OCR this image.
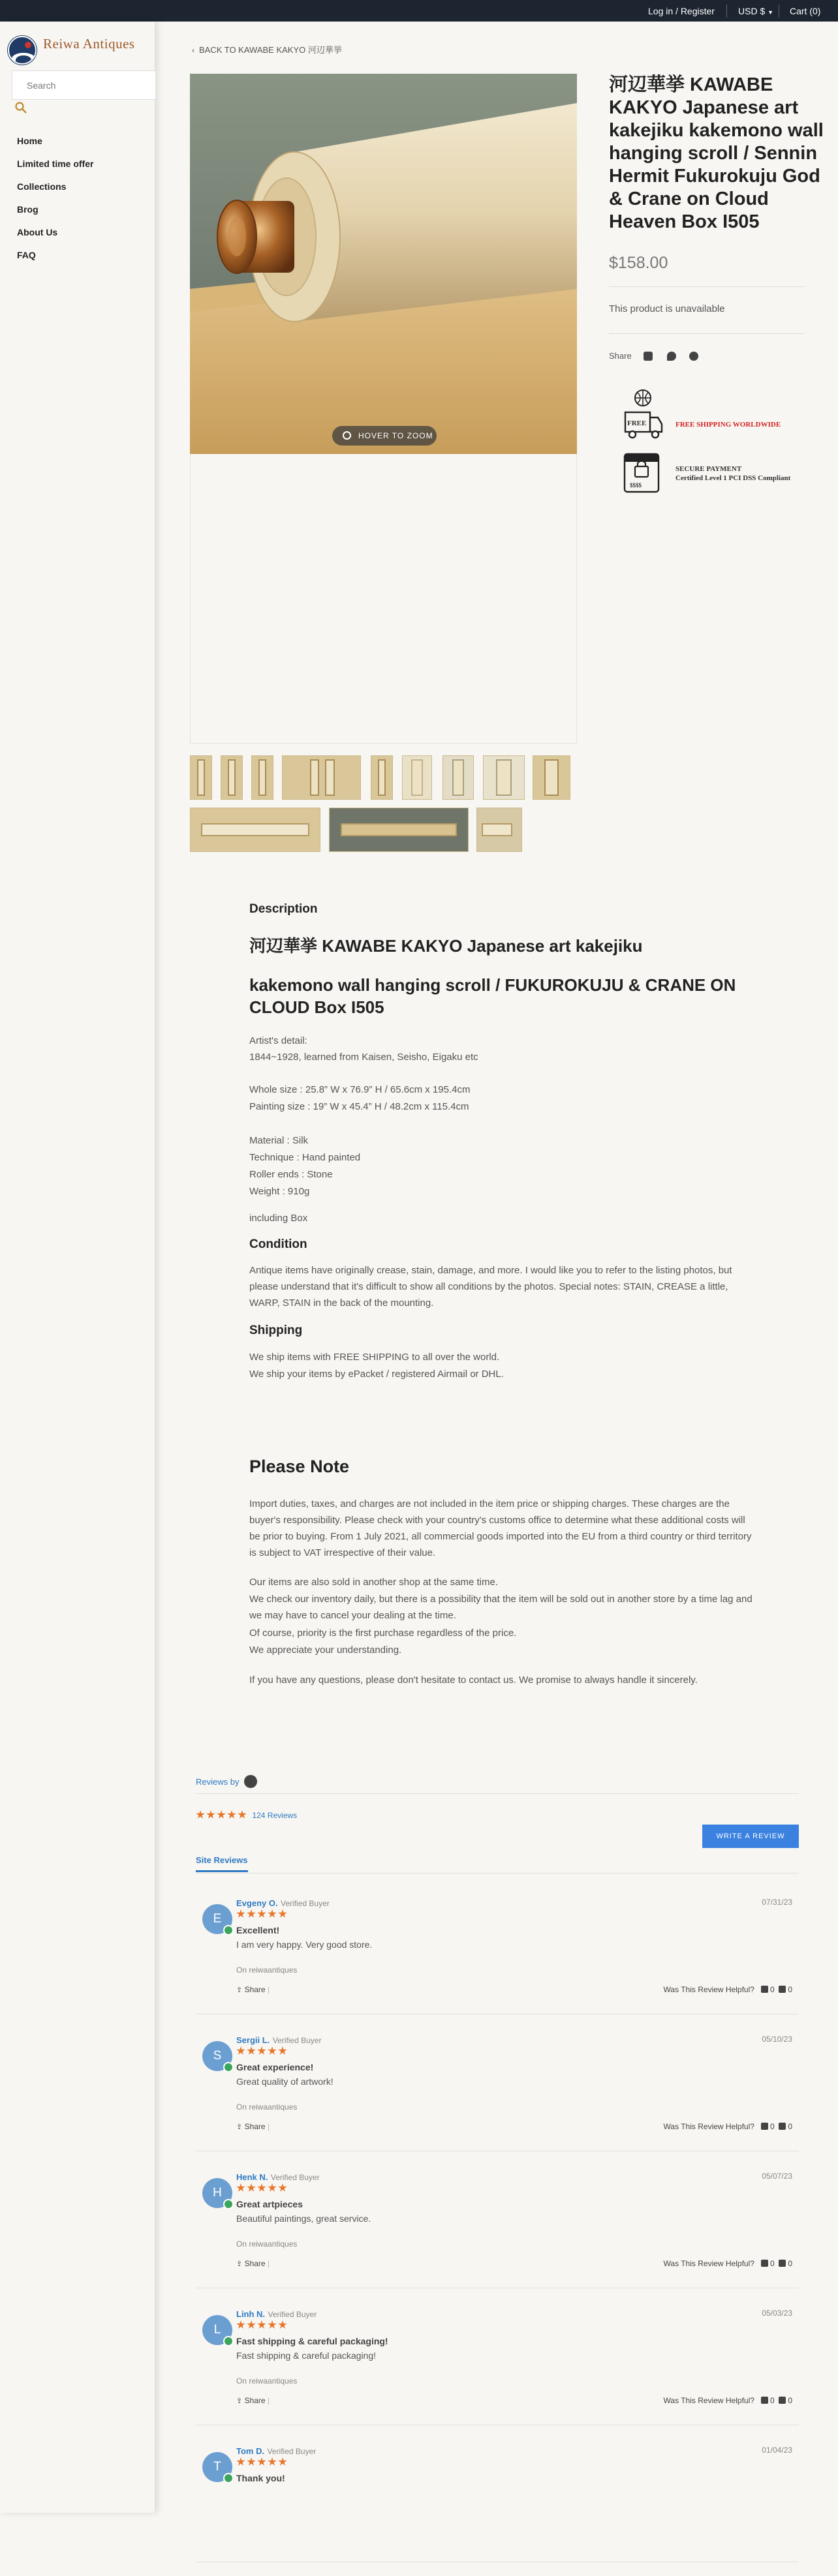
Log in / Register	USD $ ▼ Cart (0)
Reiwa Antiques
Search
Home
Limited time offer
Collections
Brog
About Us
FAQ
‹  BACK TO KAWABE KAKYO 河辺華挙
HOVER TO ZOOM
河辺華挙 KAWABE KAKYO Japanese art kakejiku kakemono wall hanging scroll / Sennin Hermit Fukurokuju God & Crane on Cloud Heaven Box I505
$158.00
This product is unavailable
Share
FREE	FREE SHIPPING WORLDWIDE
$$$$
SECURE PAYMENT
Certified Level 1 PCI DSS Compliant
Description
河辺華挙 KAWABE KAKYO Japanese art kakejiku
kakemono wall hanging scroll / FUKUROKUJU & CRANE ON CLOUD Box I505
Artist's detail:
1844~1928, learned from Kaisen, Seisho, Eigaku etc
Whole size : 25.8” W x 76.9” H / 65.6cm x 195.4cm
Painting size : 19” W x 45.4” H / 48.2cm x 115.4cm
Material : Silk
Technique : Hand painted
Roller ends : Stone
Weight : 910g
including Box
Condition
Antique items have originally crease, stain, damage, and more. I would like you to refer to the listing photos, but please understand that it's difficult to show all conditions by the photos. Special notes: STAIN, CREASE a little, WARP, STAIN in the back of the mounting.
Shipping
We ship items with FREE SHIPPING to all over the world.
We ship your items by ePacket / registered Airmail or DHL.
Please Note
Import duties, taxes, and charges are not included in the item price or shipping charges. These charges are the buyer's responsibility. Please check with your country's customs office to determine what these additional costs will be prior to buying. From 1 July 2021, all commercial goods imported into the EU from a third country or third territory is subject to VAT irrespective of their value.
Our items are also sold in another shop at the same time.
We check our inventory daily, but there is a possibility that the item will be sold out in another store by a time lag and we may have to cancel your dealing at the time.
Of course, priority is the first purchase regardless of the price.
We appreciate your understanding.
If you have any questions, please don't hesitate to contact us. We promise to always handle it sincerely.
Reviews by
124 Reviews
WRITE A REVIEW
Site Reviews
E
Evgeny O. Verified Buyer	07/31/23
Excellent!
I am very happy. Very good store.
On reiwaantiques
⇪ Share |	Was This Review Helpful? 0 0
S
Sergii L. Verified Buyer	05/10/23
Great experience!
Great quality of artwork!
On reiwaantiques
⇪ Share |	Was This Review Helpful? 0 0
H
Henk N. Verified Buyer	05/07/23
Great artpieces
Beautiful paintings, great service.
On reiwaantiques
⇪ Share |	Was This Review Helpful? 0 0
L
Linh N. Verified Buyer	05/03/23
Fast shipping & careful packaging!
Fast shipping & careful packaging!
On reiwaantiques
⇪ Share |	Was This Review Helpful? 0 0
T
Tom D. Verified Buyer	01/04/23
Thank you!
